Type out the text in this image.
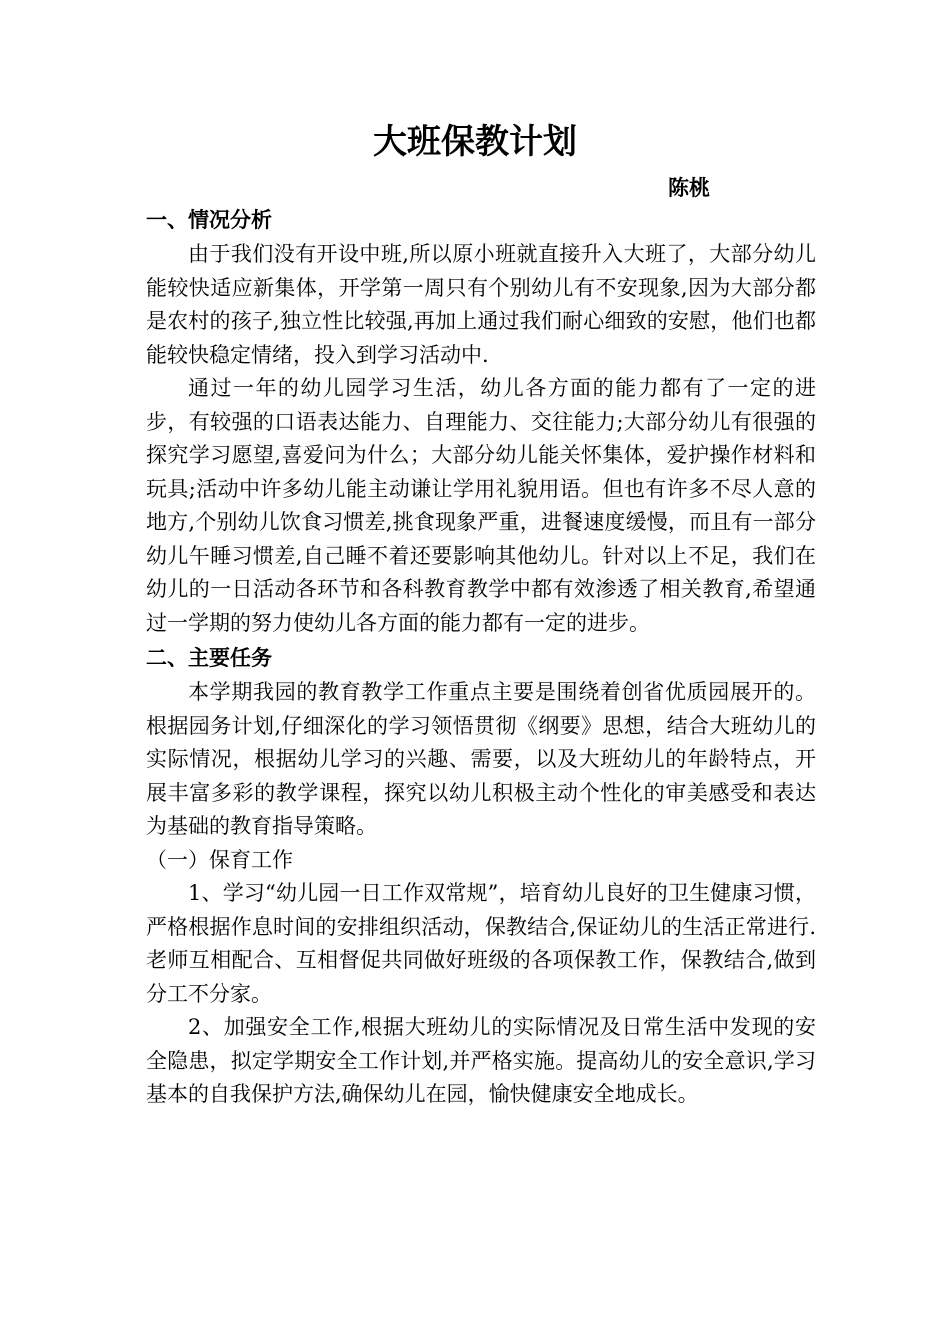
大班保教计划
陈桃
一、情况分析

由于我们没有开设中班,所以原小班就直接升入大班了，大部分幼儿能较快适应新集体，开学第一周只有个别幼儿有不安现象,因为大部分都是农村的孩子,独立性比较强,再加上通过我们耐心细致的安慰，他们也都能较快稳定情绪，投入到学习活动中.

通过一年的幼儿园学习生活，幼儿各方面的能力都有了一定的进步，有较强的口语表达能力、自理能力、交往能力;大部分幼儿有很强的探究学习愿望,喜爱问为什么；大部分幼儿能关怀集体，爱护操作材料和玩具;活动中许多幼儿能主动谦让学用礼貌用语。但也有许多不尽人意的地方,个别幼儿饮食习惯差,挑食现象严重，进餐速度缓慢，而且有一部分幼儿午睡习惯差,自己睡不着还要影响其他幼儿。针对以上不足，我们在幼儿的一日活动各环节和各科教育教学中都有效渗透了相关教育,希望通过一学期的努力使幼儿各方面的能力都有一定的进步。

二、主要任务

本学期我园的教育教学工作重点主要是围绕着创省优质园展开的。根据园务计划,仔细深化的学习领悟贯彻《纲要》思想，结合大班幼儿的实际情况，根据幼儿学习的兴趣、需要，以及大班幼儿的年龄特点，开展丰富多彩的教学课程，探究以幼儿积极主动个性化的审美感受和表达为基础的教育指导策略。

（一）保育工作

1、学习“幼儿园一日工作双常规”，培育幼儿良好的卫生健康习惯，严格根据作息时间的安排组织活动，保教结合,保证幼儿的生活正常进行.老师互相配合、互相督促共同做好班级的各项保教工作，保教结合,做到分工不分家。

2、加强安全工作,根据大班幼儿的实际情况及日常生活中发现的安全隐患，拟定学期安全工作计划,并严格实施。提高幼儿的安全意识,学习基本的自我保护方法,确保幼儿在园，愉快健康安全地成长。
